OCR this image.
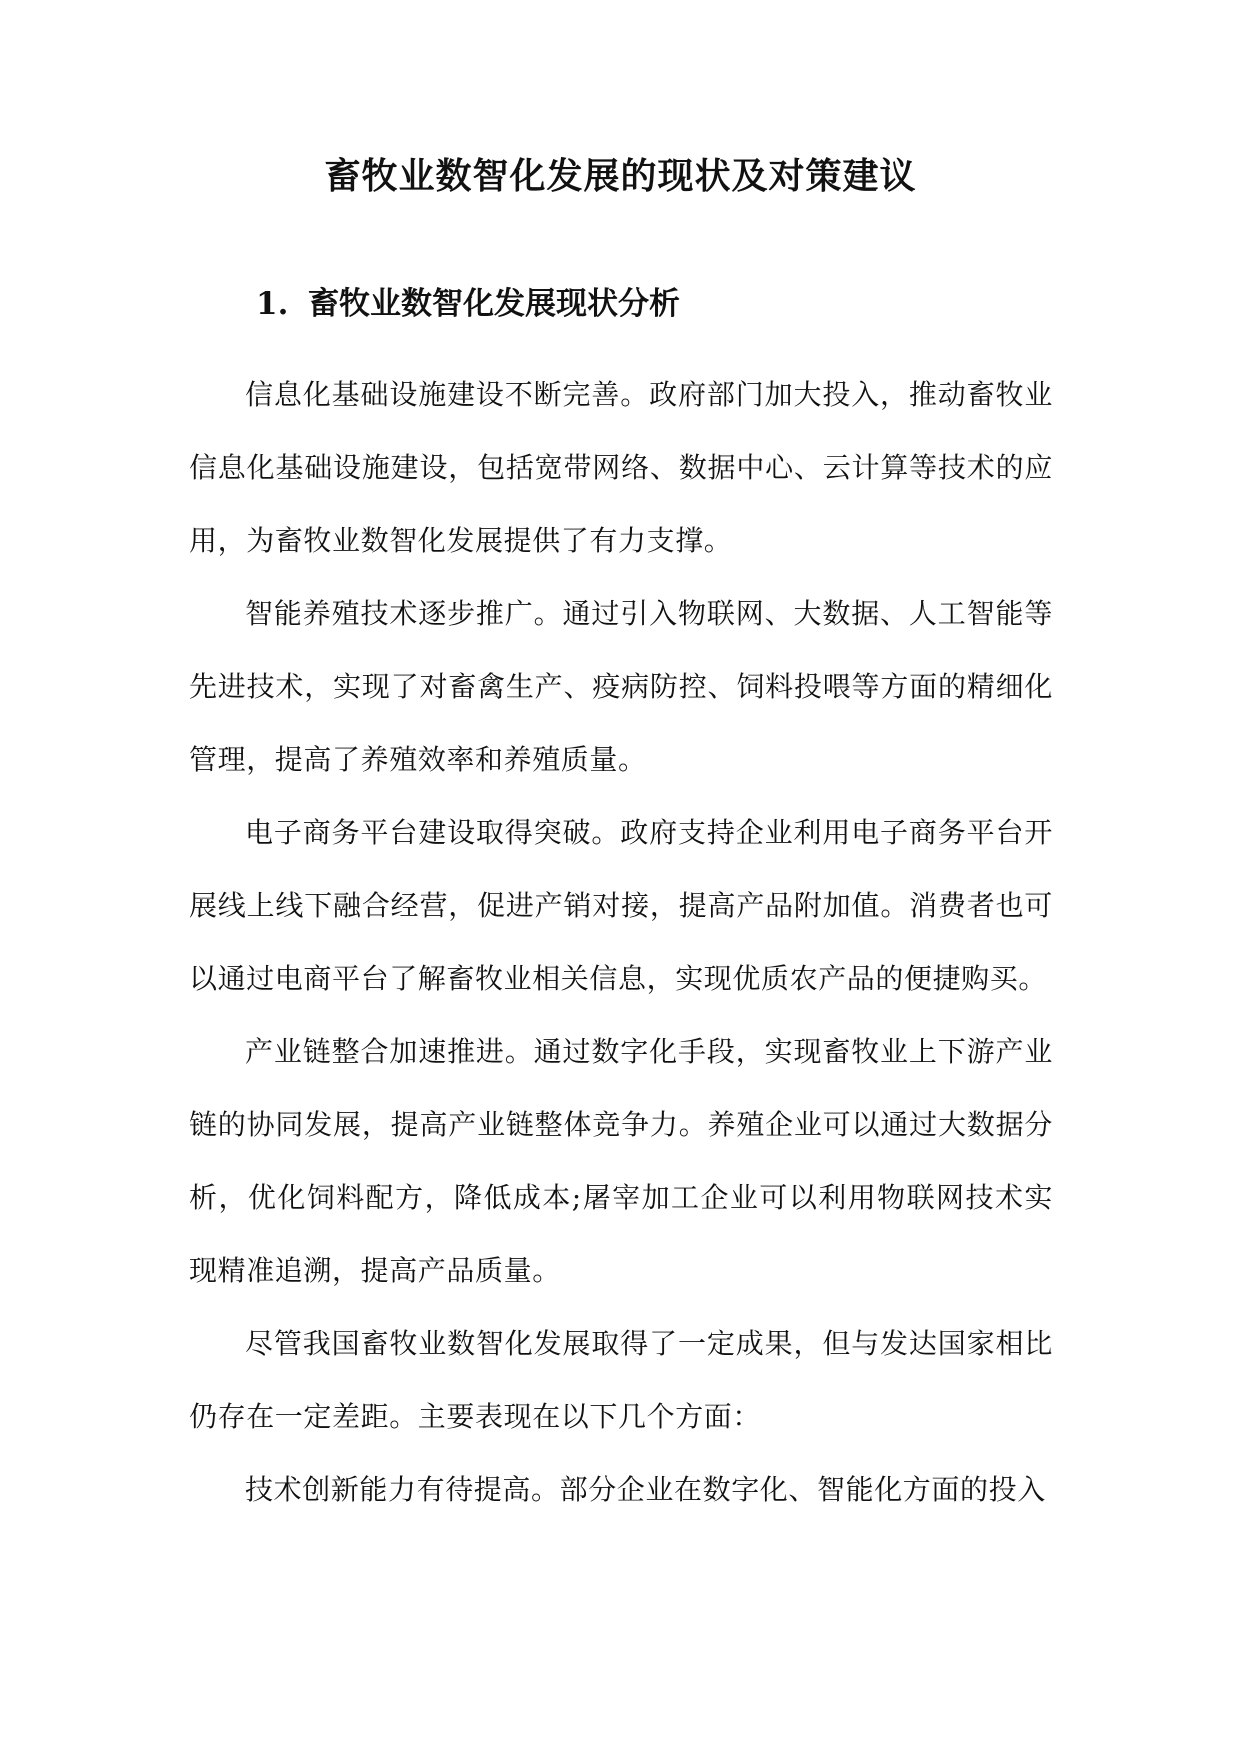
畜牧业数智化发展的现状及对策建议
1. 畜牧业数智化发展现状分析

信息化基础设施建设不断完善。政府部门加大投入，推动畜牧业信息化基础设施建设，包括宽带网络、数据中心、云计算等技术的应用，为畜牧业数智化发展提供了有力支撑。

智能养殖技术逐步推广。通过引入物联网、大数据、人工智能等先进技术，实现了对畜禽生产、疫病防控、饲料投喂等方面的精细化管理，提高了养殖效率和养殖质量。

电子商务平台建设取得突破。政府支持企业利用电子商务平台开展线上线下融合经营，促进产销对接，提高产品附加值。消费者也可以通过电商平台了解畜牧业相关信息，实现优质农产品的便捷购买。

产业链整合加速推进。通过数字化手段，实现畜牧业上下游产业链的协同发展，提高产业链整体竞争力。养殖企业可以通过大数据分析，优化饲料配方，降低成本;屠宰加工企业可以利用物联网技术实现精准追溯，提高产品质量。

尽管我国畜牧业数智化发展取得了一定成果，但与发达国家相比仍存在一定差距。主要表现在以下几个方面：

技术创新能力有待提高。部分企业在数字化、智能化方面的投入
